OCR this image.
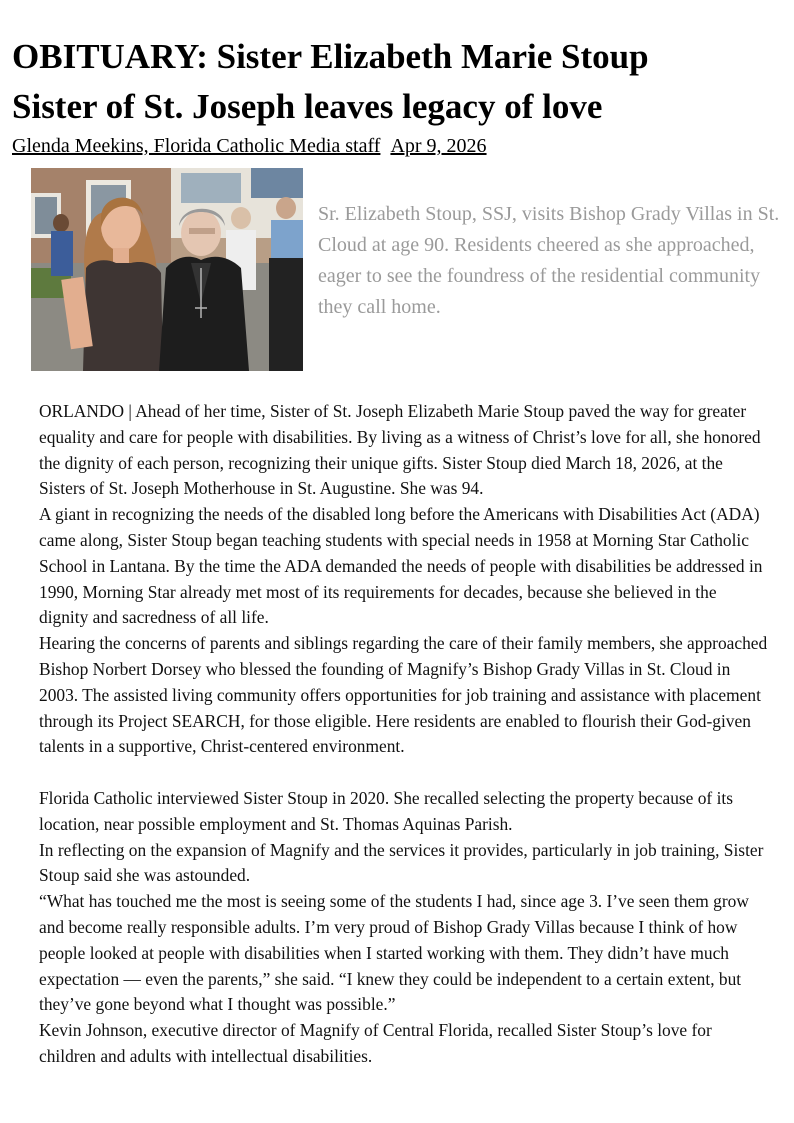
OBITUARY: Sister Elizabeth Marie Stoup
Sister of St. Joseph leaves legacy of love
Glenda Meekins, Florida Catholic Media staff Apr 9, 2026
Sr. Elizabeth Stoup, SSJ, visits Bishop Grady Villas in St. Cloud at age 90. Residents cheered as she approached, eager to see the foundress of the residential community they call home.

ORLANDO | Ahead of her time, Sister of St. Joseph Elizabeth Marie Stoup paved the way for greater equality and care for people with disabilities. By living as a witness of Christ’s love for all, she honored the dignity of each person, recognizing their unique gifts. Sister Stoup died March 18, 2026, at the Sisters of St. Joseph Motherhouse in St. Augustine. She was 94.

A giant in recognizing the needs of the disabled long before the Americans with Disabilities Act (ADA) came along, Sister Stoup began teaching students with special needs in 1958 at Morning Star Catholic School in Lantana. By the time the ADA demanded the needs of people with disabilities be addressed in 1990, Morning Star already met most of its requirements for decades, because she believed in the dignity and sacredness of all life.

Hearing the concerns of parents and siblings regarding the care of their family members, she approached Bishop Norbert Dorsey who blessed the founding of Magnify’s Bishop Grady Villas in St. Cloud in 2003. The assisted living community offers opportunities for job training and assistance with placement through its Project SEARCH, for those eligible. Here residents are enabled to flourish their God-given talents in a supportive, Christ-centered environment.

Florida Catholic interviewed Sister Stoup in 2020. She recalled selecting the property because of its location, near possible employment and St. Thomas Aquinas Parish.

In reflecting on the expansion of Magnify and the services it provides, particularly in job training, Sister Stoup said she was astounded.

“What has touched me the most is seeing some of the students I had, since age 3. I’ve seen them grow and become really responsible adults. I’m very proud of Bishop Grady Villas because I think of how people looked at people with disabilities when I started working with them. They didn’t have much expectation — even the parents,” she said. “I knew they could be independent to a certain extent, but they’ve gone beyond what I thought was possible.”

Kevin Johnson, executive director of Magnify of Central Florida, recalled Sister Stoup’s love for children and adults with intellectual disabilities.
